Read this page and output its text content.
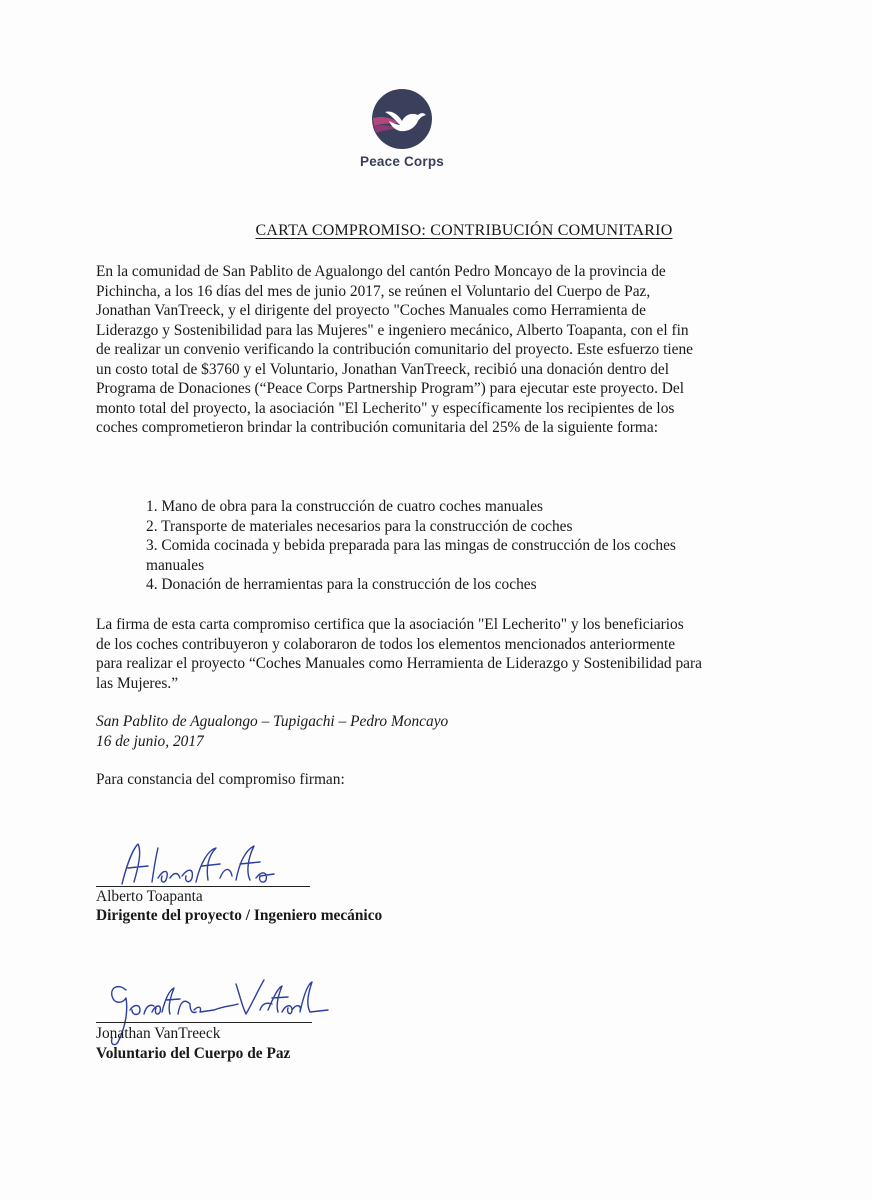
Peace Corps
CARTA COMPROMISO: CONTRIBUCIÓN COMUNITARIO
En la comunidad de San Pablito de Agualongo del cantón Pedro Moncayo de la provincia de Pichincha, a los 16 días del mes de junio 2017, se reúnen el Voluntario del Cuerpo de Paz, Jonathan VanTreeck, y el dirigente del proyecto "Coches Manuales como Herramienta de Liderazgo y Sostenibilidad para las Mujeres" e ingeniero mecánico, Alberto Toapanta, con el fin de realizar un convenio verificando la contribución comunitario del proyecto. Este esfuerzo tiene un costo total de $3760 y el Voluntario, Jonathan VanTreeck, recibió una donación dentro del Programa de Donaciones (“Peace Corps Partnership Program”) para ejecutar este proyecto. Del monto total del proyecto, la asociación "El Lecherito" y específicamente los recipientes de los coches comprometieron brindar la contribución comunitaria del 25% de la siguiente forma:
1. Mano de obra para la construcción de cuatro coches manuales
2. Transporte de materiales necesarios para la construcción de coches
3. Comida cocinada y bebida preparada para las mingas de construcción de los coches manuales
4. Donación de herramientas para la construcción de los coches
La firma de esta carta compromiso certifica que la asociación "El Lecherito" y los beneficiarios de los coches contribuyeron y colaboraron de todos los elementos mencionados anteriormente para realizar el proyecto “Coches Manuales como Herramienta de Liderazgo y Sostenibilidad para las Mujeres.”
San Pablito de Agualongo – Tupigachi – Pedro Moncayo
16 de junio, 2017
Para constancia del compromiso firman:
Alberto Toapanta
Dirigente del proyecto / Ingeniero mecánico
Jonathan VanTreeck
Voluntario del Cuerpo de Paz
